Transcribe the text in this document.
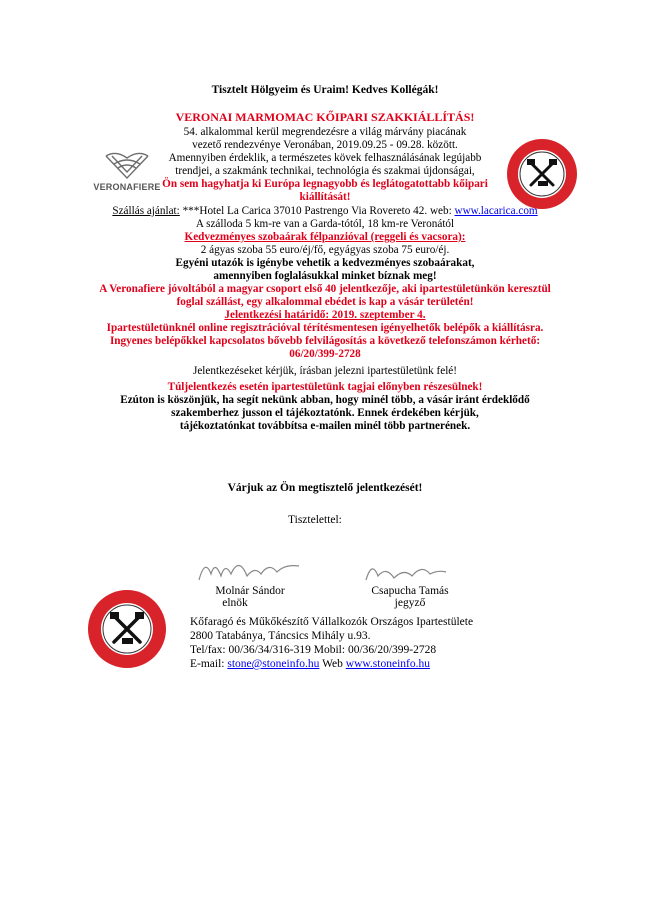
Tisztelt Hölgyeim és Uraim! Kedves Kollégák!
VERONAFIERE

VERONAI MARMOMAC KŐIPARI SZAKKIÁLLÍTÁS!

54. alkalommal kerül megrendezésre a világ márvány piacának

vezető rendezvénye Veronában, 2019.09.25 - 09.28. között.

Amennyiben érdeklik, a természetes kövek felhasználásának legújabb

trendjei, a szakmánk technikai, technológia és szakmai újdonságai,

Ön sem hagyhatja ki Európa legnagyobb és leglátogatottabb kőipari

kiállítását!

Szállás ajánlat: ***Hotel La Carica 37010 Pastrengo Via Rovereto 42. web: www.lacarica.com

A szálloda 5 km-re van a Garda-tótól, 18 km-re Veronától

Kedvezményes szobaárak félpanzióval (reggeli és vacsora):

2 ágyas szoba 55 euro/éj/fő, egyágyas szoba 75 euro/éj.

Egyéni utazók is igénybe vehetik a kedvezményes szobaárakat,

amennyiben foglalásukkal minket bíznak meg!

A Veronafiere jóvoltából a magyar csoport első 40 jelentkezője, aki ipartestületünkön keresztül

foglal szállást, egy alkalommal ebédet is kap a vásár területén!

Jelentkezési határidő: 2019. szeptember 4.

Ipartestületünknél online regisztrációval térítésmentesen igényelhetők belépők a kiállításra.

Ingyenes belépőkkel kapcsolatos bővebb felvilágosítás a következő telefonszámon kérhető:

06/20/399-2728

Jelentkezéseket kérjük, írásban jelezni ipartestületünk felé!

Túljelentkezés esetén ipartestületünk tagjai előnyben részesülnek!

Ezúton is köszönjük, ha segít nekünk abban, hogy minél több, a vásár iránt érdeklődő

szakemberhez jusson el tájékoztatónk. Ennek érdekében kérjük,

tájékoztatónkat továbbítsa e-mailen minél több partnerének.

Várjuk az Ön megtisztelő jelentkezését!
Tisztelettel:
Molnár Sándor
elnök
Csapucha Tamás
jegyző
Kőfaragó és Műkőkészítő Vállalkozók Országos Ipartestülete
2800 Tatabánya, Táncsics Mihály u.93.
Tel/fax: 00/36/34/316-319 Mobil: 00/36/20/399-2728
E-mail: stone@stoneinfo.hu Web www.stoneinfo.hu
